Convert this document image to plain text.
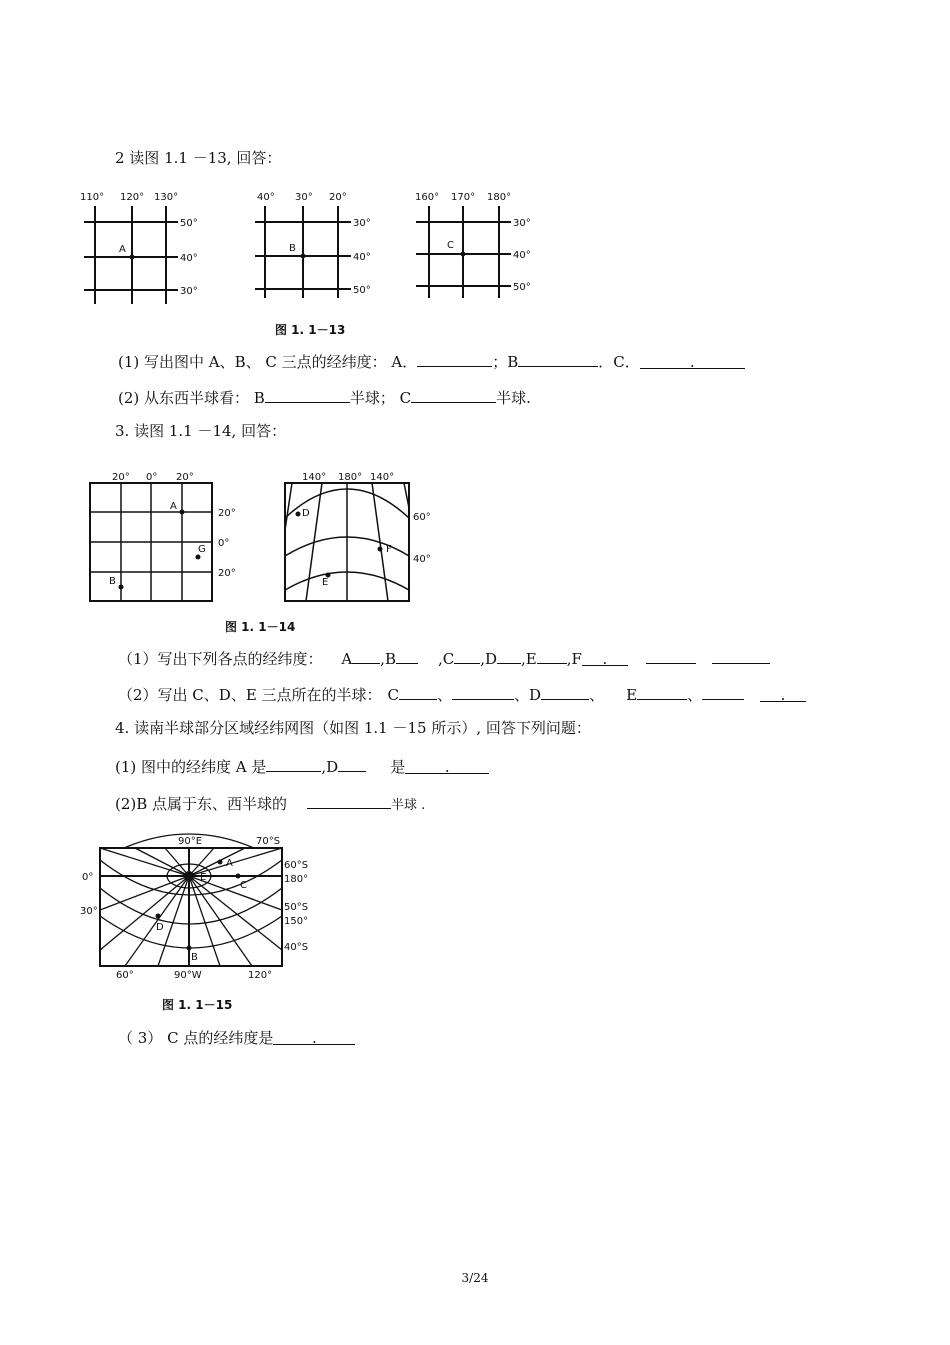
2 读图 1.1 －13, 回答：
110° 120° 130°
50°
40°
30°
A
40° 30° 20°
30°
40°
50°
B
160° 170° 180°
30°
40°
50°
C
图 1. 1－13
(1) 写出图中 A、B、 C 三点的经纬度： A．	；B	．C．	.
(2) 从东西半球看： B	半球； C	半球.
3. 读图 1.1 －14, 回答：
20° 0° 20°
20°
0°
20°
A
G
B
140° 180° 140°
60°
40°
D
F
E
图 1. 1－14
（1）写出下列各点的经纬度： A ,B	,C ,D ,E ,F .
（2）写出 C、D、E 三点所在的半球： C	、	、D	、 E	、	.
4. 读南半球部分区域经纬网图（如图 1.1 －15 所示）, 回答下列问题：
(1) 图中的经纬度 A 是	,D	是	.
(2)B 点属于东、西半球的	半球 .
90°E	70°S
0°
30°
60°S
180°
50°S
150°
40°S
60°	90°W	120°
A
E
C
D
B
图 1. 1－15
（ 3） C 点的经纬度是	.
3/24
